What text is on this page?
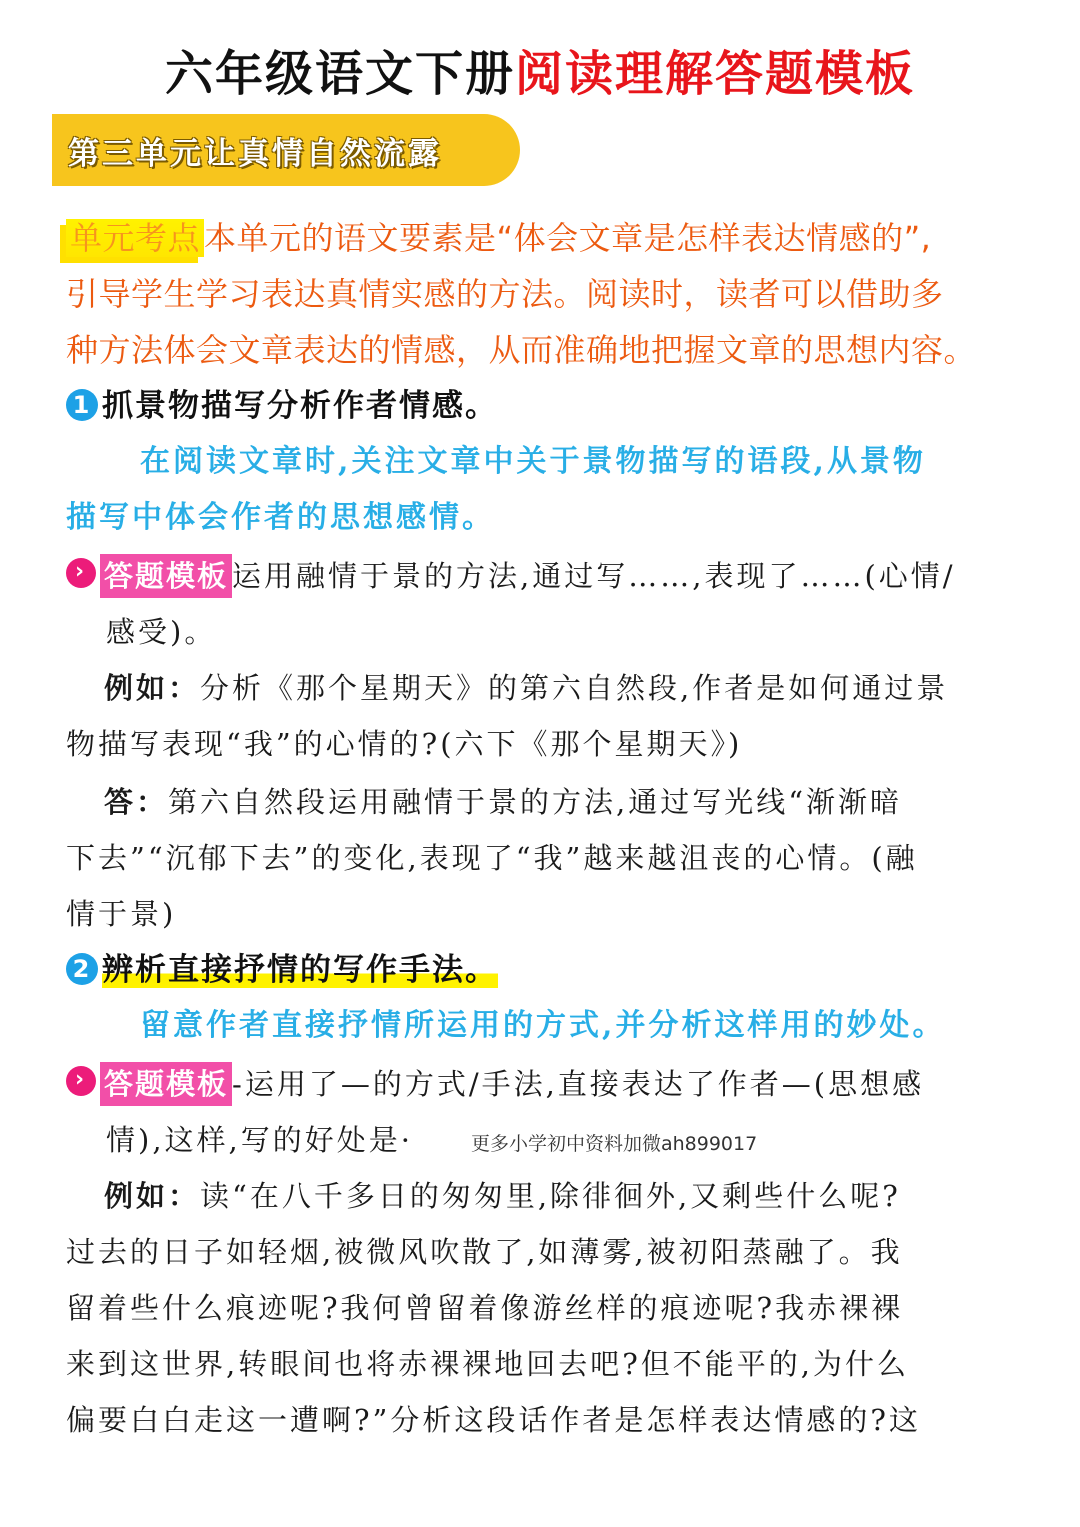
六年级语文下册阅读理解答题模板
第三单元让真情自然流露
单元考点 本单元的语文要素是“体会文章是怎样表达情感的”,
引导学生学习表达真情实感的方法。阅读时，读者可以借助多
种方法体会文章表达的情感，从而准确地把握文章的思想内容。
1 抓景物描写分析作者情感。
在阅读文章时,关注文章中关于景物描写的语段,从景物
描写中体会作者的思想感情。
› 答题模板 运用融情于景的方法,通过写……,表现了……(心情/
感受)。
例如：分析《那个星期天》的第六自然段,作者是如何通过景
物描写表现“我”的心情的?(六下《那个星期天》)
答：第六自然段运用融情于景的方法,通过写光线“渐渐暗
下去”“沉郁下去”的变化,表现了“我”越来越沮丧的心情。(融
情于景)
2 辨析直接抒情的写作手法。
留意作者直接抒情所运用的方式,并分析这样用的妙处。
› 答题模板 -运用了—的方式/手法,直接表达了作者—(思想感
情),这样,写的好处是·	更多小学初中资料加微ah899017
例如：读“在八千多日的匆匆里,除徘徊外,又剩些什么呢?
过去的日子如轻烟,被微风吹散了,如薄雾,被初阳蒸融了。我
留着些什么痕迹呢?我何曾留着像游丝样的痕迹呢?我赤裸裸
来到这世界,转眼间也将赤裸裸地回去吧?但不能平的,为什么
偏要白白走这一遭啊?”分析这段话作者是怎样表达情感的?这
